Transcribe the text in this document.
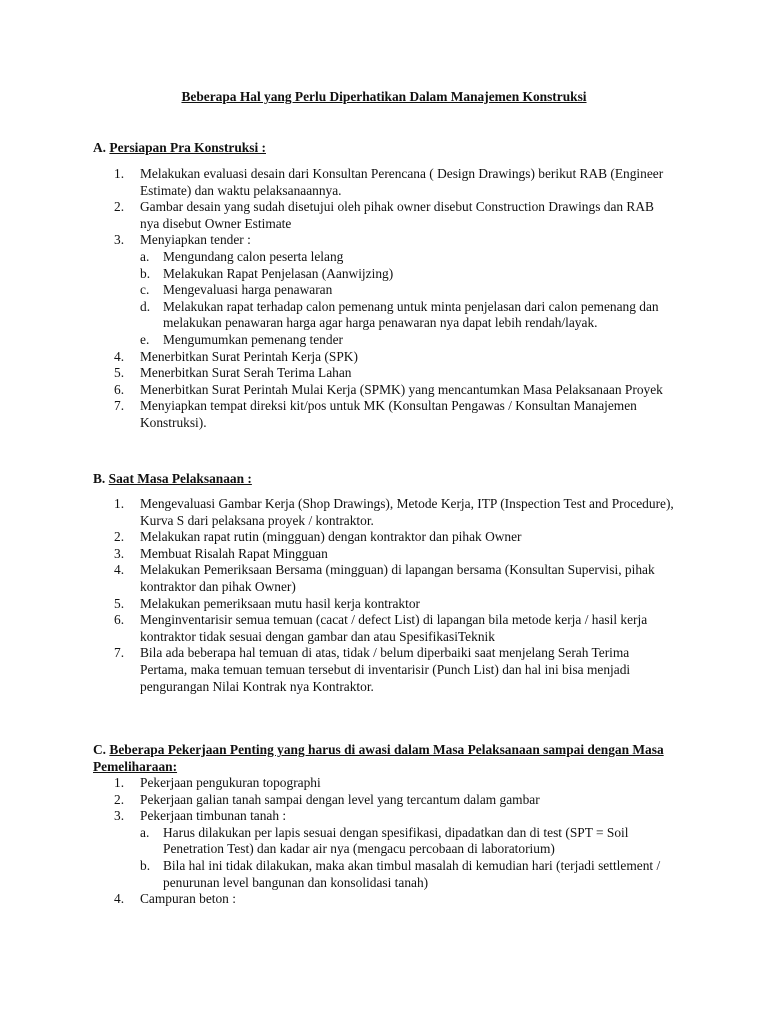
Beberapa Hal yang Perlu Diperhatikan Dalam Manajemen Konstruksi
A. Persiapan Pra Konstruksi :
1. Melakukan evaluasi desain dari Konsultan Perencana ( Design Drawings) berikut RAB (Engineer Estimate) dan waktu pelaksanaannya.
2. Gambar desain yang sudah disetujui oleh pihak owner disebut Construction Drawings dan RAB nya disebut Owner Estimate
3. Menyiapkan tender :
a. Mengundang calon peserta lelang
b. Melakukan Rapat Penjelasan (Aanwijzing)
c. Mengevaluasi harga penawaran
d. Melakukan rapat terhadap calon pemenang untuk minta penjelasan dari calon pemenang dan melakukan penawaran harga agar harga penawaran nya dapat lebih rendah/layak.
e. Mengumumkan pemenang tender
4. Menerbitkan Surat Perintah Kerja (SPK)
5. Menerbitkan Surat Serah Terima Lahan
6. Menerbitkan Surat Perintah Mulai Kerja (SPMK) yang mencantumkan Masa Pelaksanaan Proyek
7. Menyiapkan tempat direksi kit/pos untuk MK (Konsultan Pengawas / Konsultan Manajemen Konstruksi).
B. Saat Masa Pelaksanaan :
1. Mengevaluasi Gambar Kerja (Shop Drawings), Metode Kerja, ITP (Inspection Test and Procedure), Kurva S dari pelaksana proyek / kontraktor.
2. Melakukan rapat rutin (mingguan) dengan kontraktor dan pihak Owner
3. Membuat Risalah Rapat Mingguan
4. Melakukan Pemeriksaan Bersama (mingguan) di lapangan bersama (Konsultan Supervisi, pihak kontraktor dan pihak Owner)
5. Melakukan pemeriksaan mutu hasil kerja kontraktor
6. Menginventarisir semua temuan (cacat / defect List) di lapangan bila metode kerja / hasil kerja kontraktor tidak sesuai dengan gambar dan atau SpesifikasiTeknik
7. Bila ada beberapa hal temuan di atas, tidak / belum diperbaiki saat menjelang Serah Terima Pertama, maka temuan temuan tersebut di inventarisir (Punch List) dan hal ini bisa menjadi pengurangan Nilai Kontrak nya Kontraktor.
C. Beberapa Pekerjaan Penting yang harus di awasi dalam Masa Pelaksanaan sampai dengan Masa Pemeliharaan:
1. Pekerjaan pengukuran topographi
2. Pekerjaan galian tanah sampai dengan level yang tercantum dalam gambar
3. Pekerjaan timbunan tanah :
a. Harus dilakukan per lapis sesuai dengan spesifikasi, dipadatkan dan di test (SPT = Soil Penetration Test) dan kadar air nya (mengacu percobaan di laboratorium)
b. Bila hal ini tidak dilakukan, maka akan timbul masalah di kemudian hari (terjadi settlement / penurunan level bangunan dan konsolidasi tanah)
4. Campuran beton :
